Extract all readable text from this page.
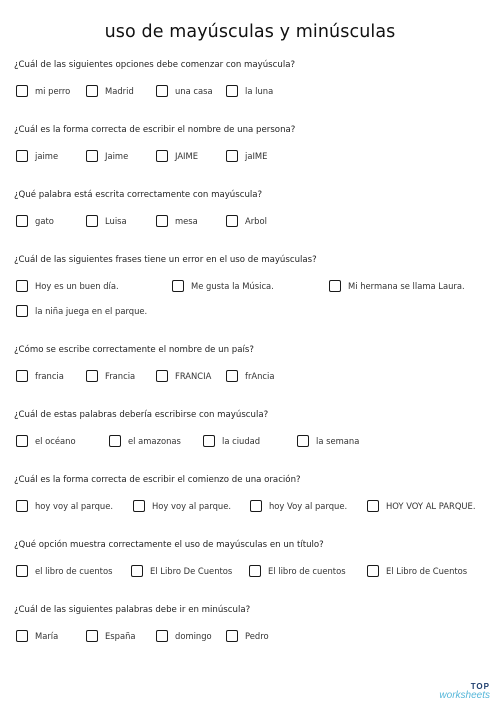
uso de mayúsculas y minúsculas
¿Cuál de las siguientes opciones debe comenzar con mayúscula?
mi perro	Madrid	una casa	la luna
¿Cuál es la forma correcta de escribir el nombre de una persona?
jaime	Jaime	JAIME	jaIME
¿Qué palabra está escrita correctamente con mayúscula?
gato	Luisa	mesa	Arbol
¿Cuál de las siguientes frases tiene un error en el uso de mayúsculas?
Hoy es un buen día.	Me gusta la Música.	Mi hermana se llama Laura.
la niña juega en el parque.
¿Cómo se escribe correctamente el nombre de un país?
francia	Francia	FRANCIA	frAncia
¿Cuál de estas palabras debería escribirse con mayúscula?
el océano	el amazonas	la ciudad	la semana
¿Cuál es la forma correcta de escribir el comienzo de una oración?
hoy voy al parque.	Hoy voy al parque.	hoy Voy al parque.	HOY VOY AL PARQUE.
¿Qué opción muestra correctamente el uso de mayúsculas en un título?
el libro de cuentos	El Libro De Cuentos	El libro de cuentos	El Libro de Cuentos
¿Cuál de las siguientes palabras debe ir en minúscula?
María	España	domingo	Pedro
TOP
worksheets
